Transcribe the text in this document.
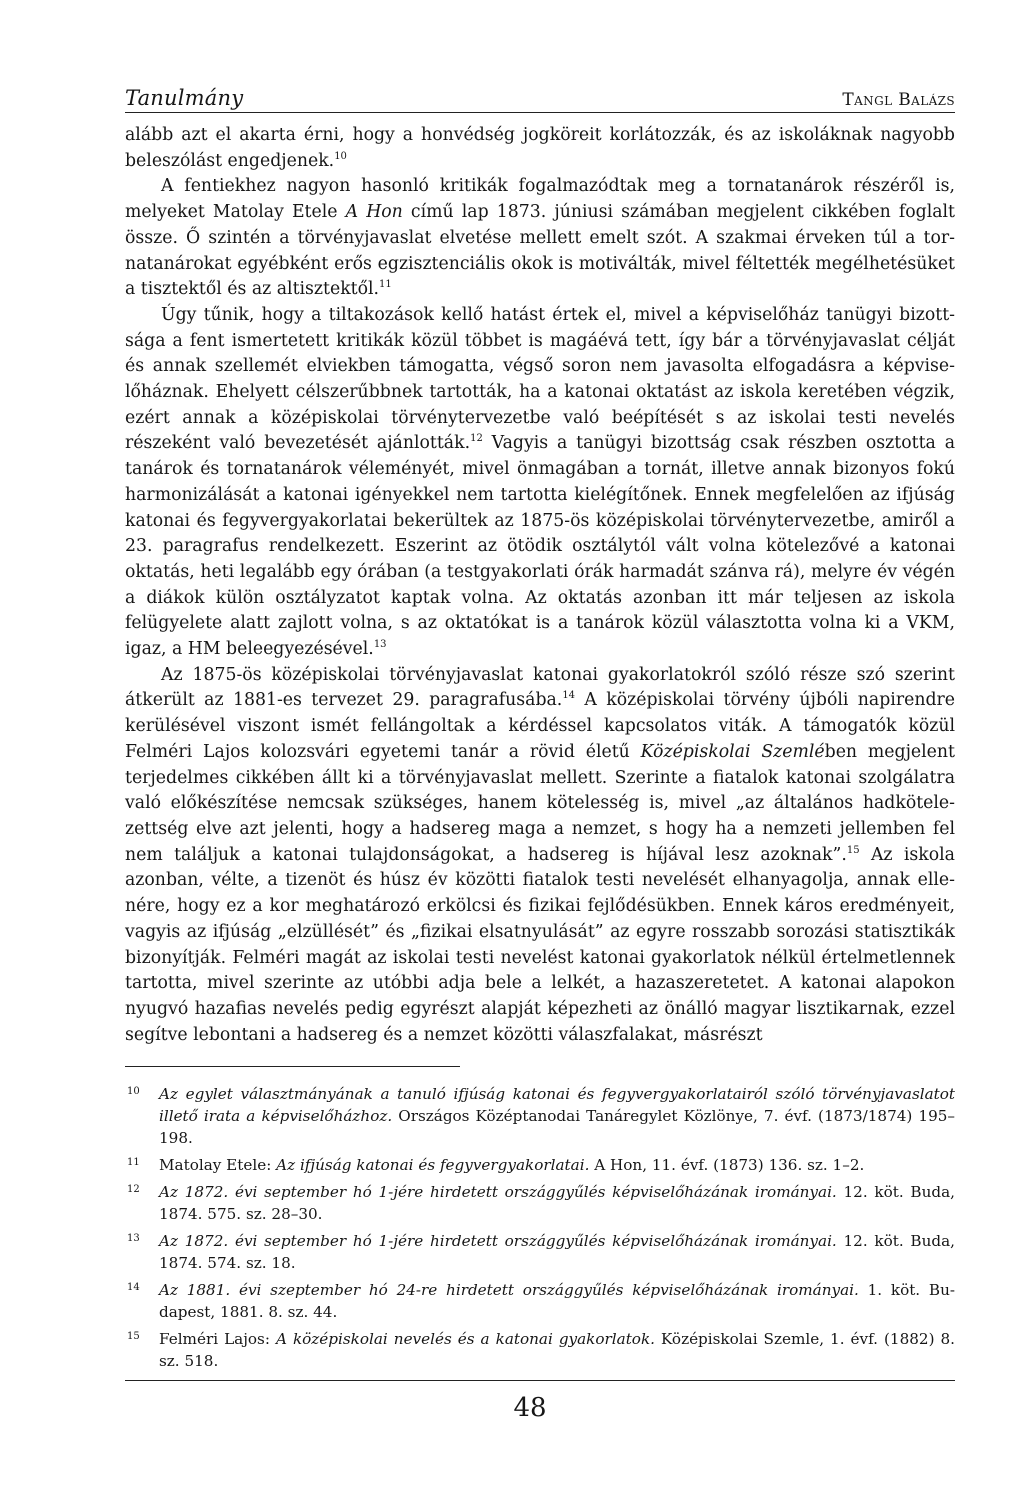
Tanulmány	Tangl Balázs

alább azt el akarta érni, hogy a honvédség jogköreit korlátozzák, és az iskoláknak nagyobb beleszólást engedjenek.$^{10}$

A fentiekhez nagyon hasonló kritikák fogalmazódtak meg a tornatanárok részéről is, melyeket Matolay Etele A Hon című lap 1873. júniusi számában megjelent cikkében foglalt össze. Ő szintén a törvényjavaslat elvetése mellett emelt szót. A szakmai érveken túl a tornatanárokat egyébként erős egzisztenciális okok is motiválták, mivel féltették megélhetésüket a tisztektől és az altisztektől.$^{11}$

Úgy tűnik, hogy a tiltakozások kellő hatást értek el, mivel a képviselőház tanügyi bizottsága a fent ismertetett kritikák közül többet is magáévá tett, így bár a törvényjavaslat célját és annak szellemét elviekben támogatta, végső soron nem javasolta elfogadásra a képviselőháznak. Ehelyett célszerűbbnek tartották, ha a katonai oktatást az iskola keretében végzik, ezért annak a középiskolai törvénytervezetbe való beépítését s az iskolai testi nevelés részeként való bevezetését ajánlották.$^{12}$ Vagyis a tanügyi bizottság csak részben osztotta a tanárok és tornatanárok véleményét, mivel önmagában a tornát, illetve annak bizonyos fokú harmonizálását a katonai igényekkel nem tartotta kielégítőnek. Ennek megfelelően az ifjúság katonai és fegyvergyakorlatai bekerültek az 1875-ös középiskolai törvénytervezetbe, amiről a 23. paragrafus rendelkezett. Eszerint az ötödik osztálytól vált volna kötelezővé a katonai oktatás, heti legalább egy órában (a testgyakorlati órák harmadát szánva rá), melyre év végén a diákok külön osztályzatot kaptak volna. Az oktatás azonban itt már teljesen az iskola felügyelete alatt zajlott volna, s az oktatókat is a tanárok közül választotta volna ki a VKM, igaz, a HM beleegyezésével.$^{13}$

Az 1875-ös középiskolai törvényjavaslat katonai gyakorlatokról szóló része szó szerint átkerült az 1881-es tervezet 29. paragrafusába.$^{14}$ A középiskolai törvény újbóli napirendre kerülésével viszont ismét fellángoltak a kérdéssel kapcsolatos viták. A támogatók közül Felméri Lajos kolozsvári egyetemi tanár a rövid életű Középiskolai Szemlében megjelent terjedelmes cikkében állt ki a törvényjavaslat mellett. Szerinte a fiatalok katonai szolgálatra való előkészítése nemcsak szükséges, hanem kötelesség is, mivel „az általános hadkötelezettség elve azt jelenti, hogy a hadsereg maga a nemzet, s hogy ha a nemzeti jellemben fel nem találjuk a katonai tulajdonságokat, a hadsereg is híjával lesz azoknak”.$^{15}$ Az iskola azonban, vélte, a tizenöt és húsz év közötti fiatalok testi nevelését elhanyagolja, annak ellenére, hogy ez a kor meghatározó erkölcsi és fizikai fejlődésükben. Ennek káros eredményeit, vagyis az ifjúság „elzüllését” és „fizikai elsatnyulását” az egyre rosszabb sorozási statisztikák bizonyítják. Felméri magát az iskolai testi nevelést katonai gyakorlatok nélkül értelmetlennek tartotta, mivel szerinte az utóbbi adja bele a lelkét, a hazaszeretetet. A katonai alapokon nyugvó hazafias nevelés pedig egyrészt alapját képezheti az önálló magyar lisztikarnak, ezzel segítve lebontani a hadsereg és a nemzet közötti válaszfalakat, másrészt

10	Az egylet választmányának a tanuló ifjúság katonai és fegyvergyakorlatairól szóló törvényjavaslatot illető irata a képviselőházhoz. Országos Középtanodai Tanáregylet Közlönye, 7. évf. (1873/1874) 195–198.
11	Matolay Etele: Az ifjúság katonai és fegyvergyakorlatai. A Hon, 11. évf. (1873) 136. sz. 1–2.
12	Az 1872. évi september hó 1-jére hirdetett országgyűlés képviselőházának irományai. 12. köt. Buda, 1874. 575. sz. 28–30.
13	Az 1872. évi september hó 1-jére hirdetett országgyűlés képviselőházának irományai. 12. köt. Buda, 1874. 574. sz. 18.
14	Az 1881. évi szeptember hó 24-re hirdetett országgyűlés képviselőházának irományai. 1. köt. Budapest, 1881. 8. sz. 44.
15	Felméri Lajos: A középiskolai nevelés és a katonai gyakorlatok. Középiskolai Szemle, 1. évf. (1882) 8. sz. 518.
48
